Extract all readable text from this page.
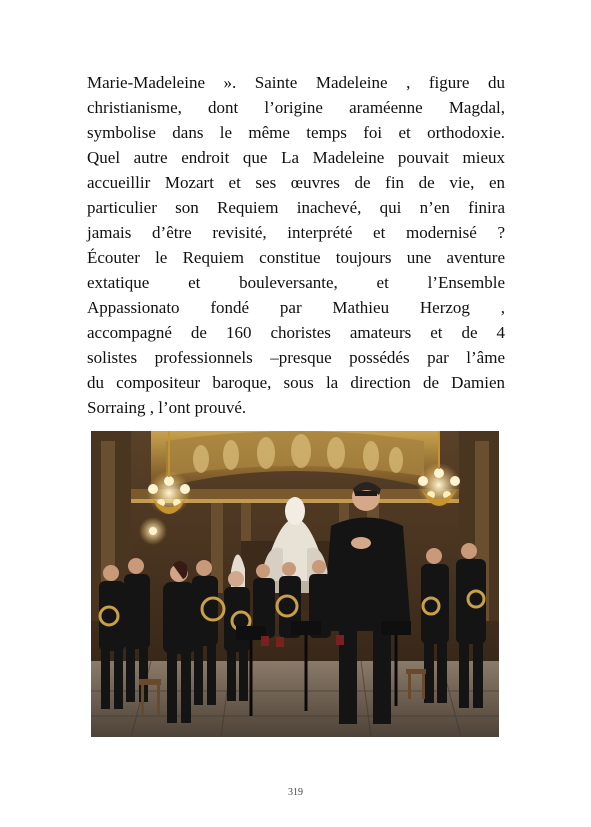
Marie-Madeleine ». Sainte Madeleine , figure du
christianisme, dont l’origine araméenne Magdal,
symbolise dans le même temps foi et orthodoxie.
Quel autre endroit que La Madeleine pouvait mieux
accueillir Mozart et ses œuvres de fin de vie, en
particulier son Requiem inachevé, qui n’en finira
jamais d’être revisité, interprété et modernisé ?
Écouter le Requiem constitue toujours une aventure
extatique et bouleversante, et l’Ensemble
Appassionato fondé par Mathieu Herzog ,
accompagné de 160 choristes amateurs et de 4
solistes professionnels –presque possédés par l’âme
du compositeur baroque, sous la direction de Damien
Sorraing , l’ont prouvé.
319
